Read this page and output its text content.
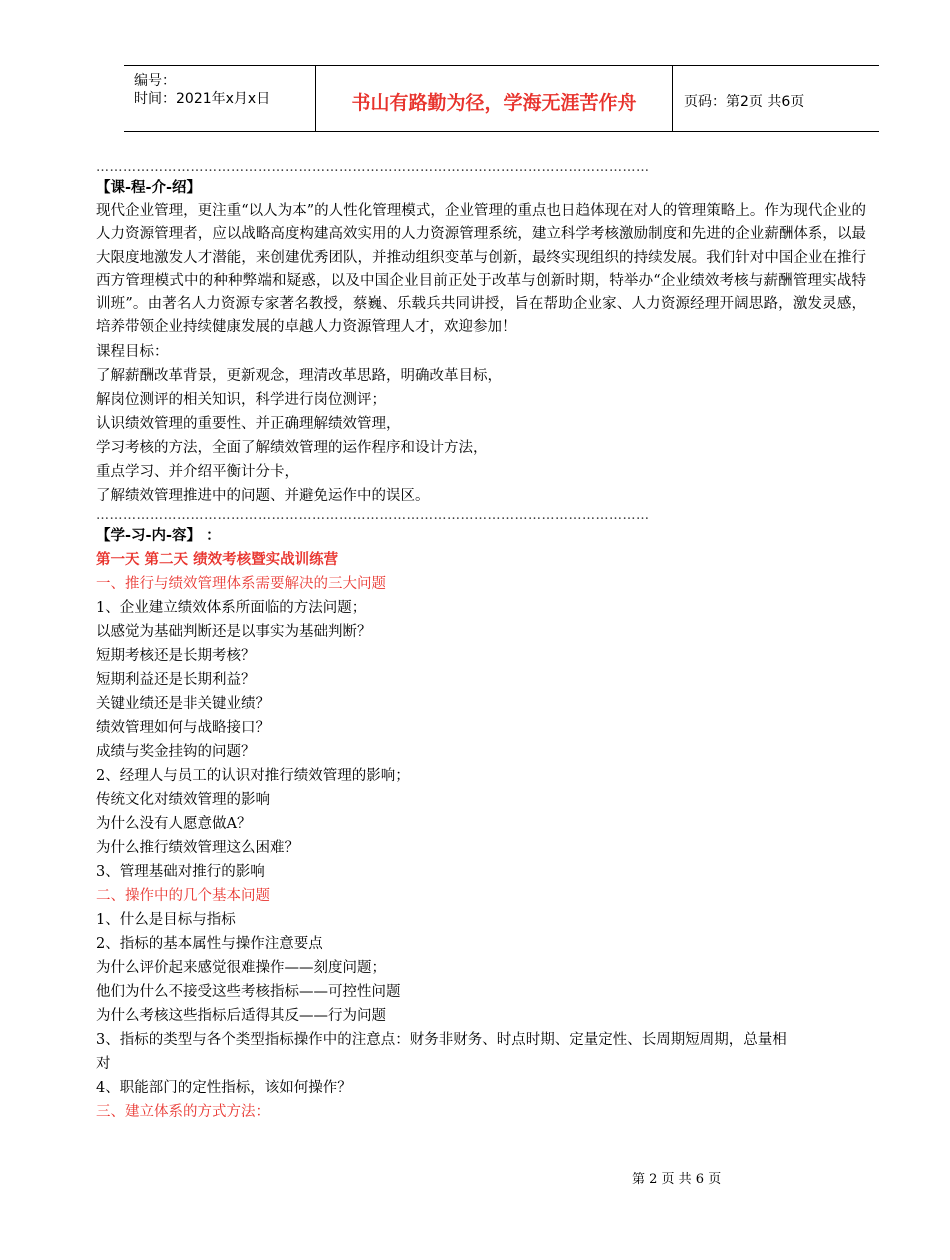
编号：
时间：2021年x月x日	书山有路勤为径，学海无涯苦作舟	页码：第2页 共6页
……………………………………………………………………………………………………………
【课-程-介-绍】
现代企业管理，更注重“以人为本”的人性化管理模式，企业管理的重点也日趋体现在对人的管理策略上。作为现代企业的人力资源管理者，应以战略高度构建高效实用的人力资源管理系统，建立科学考核激励制度和先进的企业薪酬体系，以最大限度地激发人才潜能，来创建优秀团队，并推动组织变革与创新，最终实现组织的持续发展。我们针对中国企业在推行西方管理模式中的种种弊端和疑惑，以及中国企业目前正处于改革与创新时期，特举办“企业绩效考核与薪酬管理实战特训班”。由著名人力资源专家著名教授，蔡巍、乐载兵共同讲授，旨在帮助企业家、人力资源经理开阔思路，激发灵感，培养带领企业持续健康发展的卓越人力资源管理人才，欢迎参加！
课程目标：
了解薪酬改革背景，更新观念，理清改革思路，明确改革目标，
解岗位测评的相关知识，科学进行岗位测评；
认识绩效管理的重要性、并正确理解绩效管理，
学习考核的方法，全面了解绩效管理的运作程序和设计方法，
重点学习、并介绍平衡计分卡，
了解绩效管理推进中的问题、并避免运作中的误区。
……………………………………………………………………………………………………………
【学-习-内-容】 ：
第一天 第二天 绩效考核暨实战训练营
一、推行与绩效管理体系需要解决的三大问题
1、企业建立绩效体系所面临的方法问题；
以感觉为基础判断还是以事实为基础判断？
短期考核还是长期考核？
短期利益还是长期利益？
关键业绩还是非关键业绩？
绩效管理如何与战略接口？
成绩与奖金挂钩的问题？
2、经理人与员工的认识对推行绩效管理的影响；
传统文化对绩效管理的影响
为什么没有人愿意做A？
为什么推行绩效管理这么困难？
3、管理基础对推行的影响
二、操作中的几个基本问题
1、什么是目标与指标
2、指标的基本属性与操作注意要点
为什么评价起来感觉很难操作——刻度问题；
他们为什么不接受这些考核指标——可控性问题
为什么考核这些指标后适得其反——行为问题
3、指标的类型与各个类型指标操作中的注意点：财务非财务、时点时期、定量定性、长周期短周期，总量相
对
4、职能部门的定性指标，该如何操作？
三、建立体系的方式方法：
第 2 页 共 6 页
